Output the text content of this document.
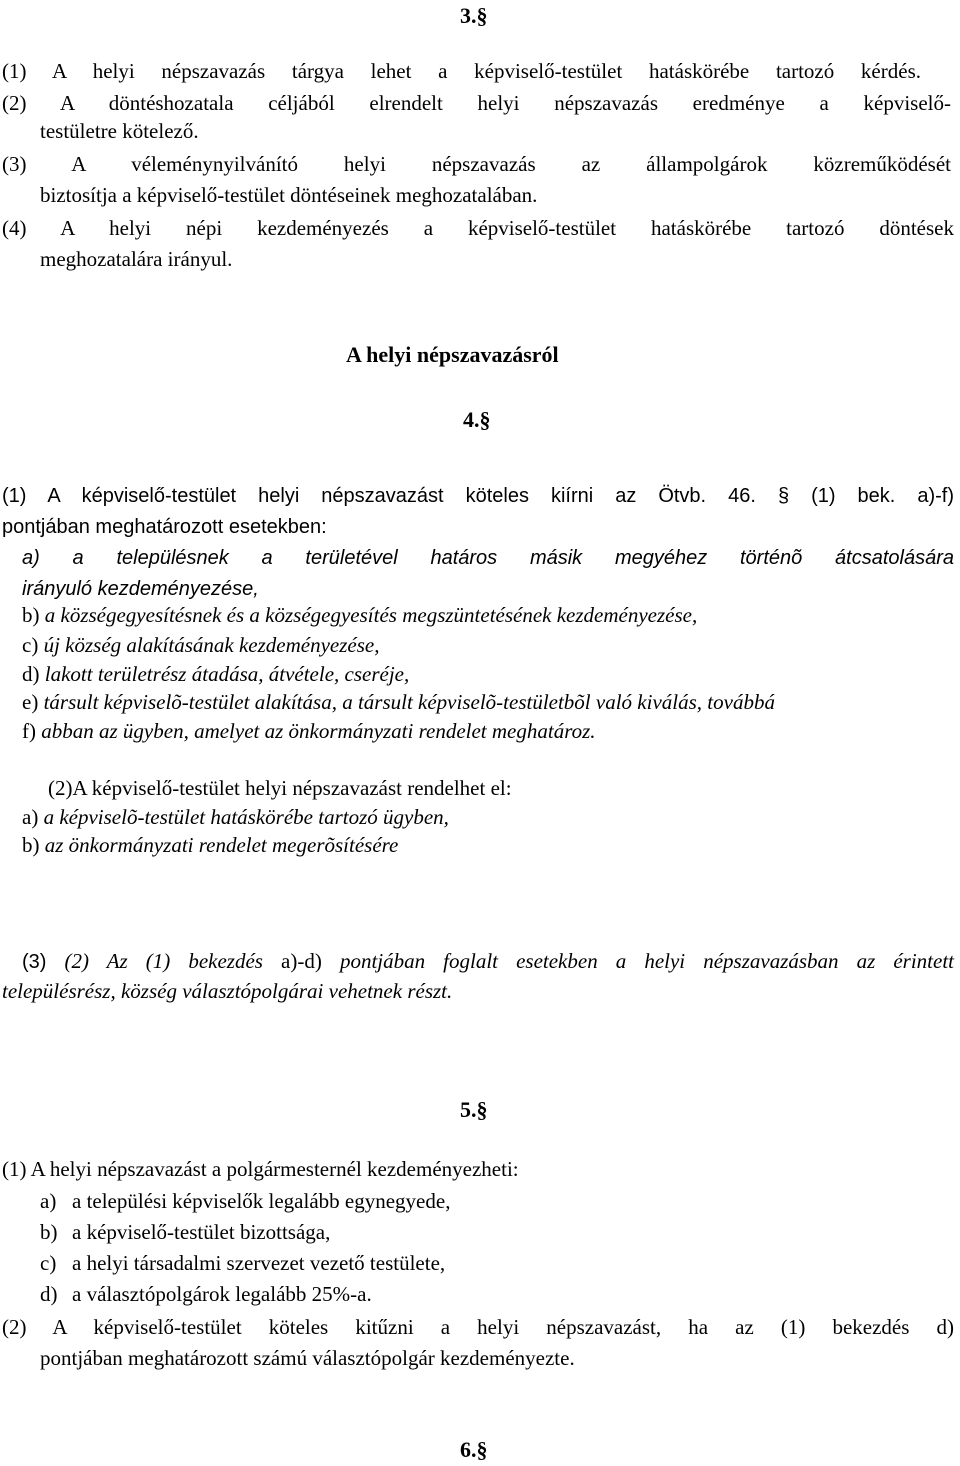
3.§
(1) A helyi népszavazás tárgya lehet a képviselő-testület hatáskörébe tartozó kérdés.
(2) A döntéshozatala céljából elrendelt helyi népszavazás eredménye a képviselő-
testületre kötelező.
(3) A véleménynyilvánító helyi népszavazás az állampolgárok közreműködését
biztosítja a képviselő-testület döntéseinek meghozatalában.
(4) A helyi népi kezdeményezés a képviselő-testület hatáskörébe tartozó döntések
meghozatalára irányul.
A helyi népszavazásról
4.§
(1) A képviselő-testület helyi népszavazást köteles kiírni az Ötvb. 46. § (1) bek. a)-f)
pontjában meghatározott esetekben:
a) a településnek a területével határos másik megyéhez történõ átcsatolására
irányuló kezdeményezése,
b) a községegyesítésnek és a községegyesítés megszüntetésének kezdeményezése,
c) új község alakításának kezdeményezése,
d) lakott területrész átadása, átvétele, cseréje,
e) társult képviselõ-testület alakítása, a társult képviselõ-testületbõl való kiválás, továbbá
f) abban az ügyben, amelyet az önkormányzati rendelet meghatároz.
(2)A képviselő-testület helyi népszavazást rendelhet el:
a) a képviselõ-testület hatáskörébe tartozó ügyben,
b) az önkormányzati rendelet megerõsítésére
(3) (2) Az (1) bekezdés a)-d) pontjában foglalt esetekben a helyi népszavazásban az érintett
településrész, község választópolgárai vehetnek részt.
5.§
(1) A helyi népszavazást a polgármesternél kezdeményezheti:
a) a települési képviselők legalább egynegyede,
b) a képviselő-testület bizottsága,
c) a helyi társadalmi szervezet vezető testülete,
d) a választópolgárok legalább 25%-a.
(2) A képviselő-testület köteles kitűzni a helyi népszavazást, ha az (1) bekezdés d)
pontjában meghatározott számú választópolgár kezdeményezte.
6.§
